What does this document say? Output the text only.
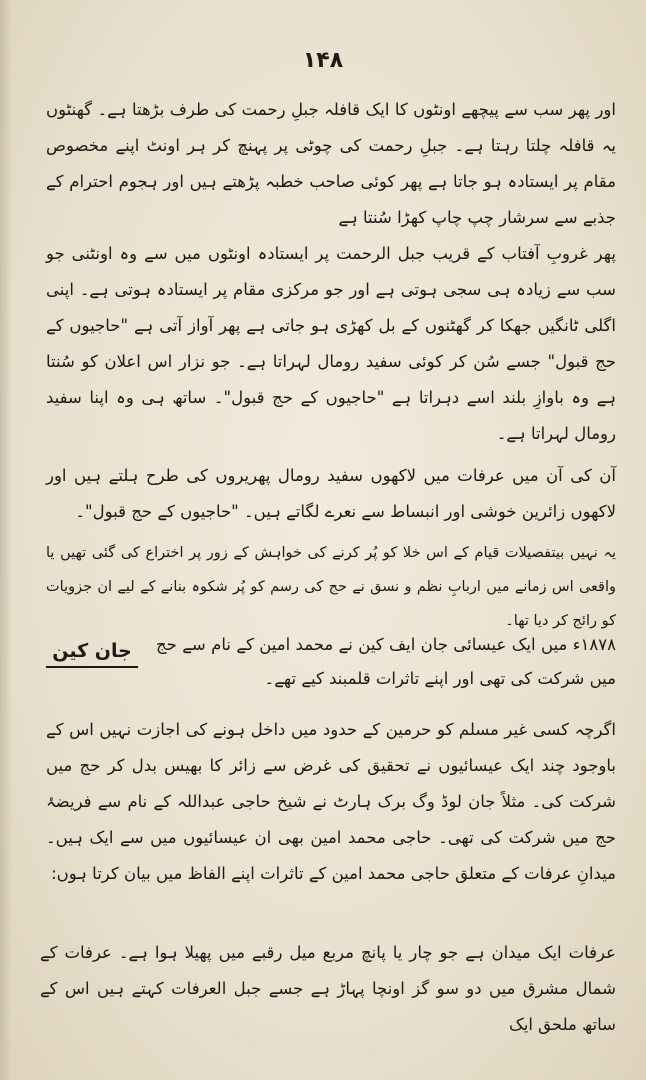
۱۴۸

اور پھر سب سے پیچھے اونٹوں کا ایک قافلہ جبلِ رحمت کی طرف بڑھتا ہے۔ گھنٹوں یہ قافلہ چلتا رہتا ہے۔ جبلِ رحمت کی چوٹی پر پہنچ کر ہر اونٹ اپنے مخصوص مقام پر ایستادہ ہو جاتا ہے پھر کوئی صاحب خطبہ پڑھتے ہیں اور ہجوم احترام کے جذبے سے سرشار چپ چاپ کھڑا سُنتا ہے

پھر غروبِ آفتاب کے قریب جبل الرحمت پر ایستادہ اونٹوں میں سے وہ اونٹنی جو سب سے زیادہ ہی سجی ہوتی ہے اور جو مرکزی مقام پر ایستادہ ہوتی ہے۔ اپنی اگلی ٹانگیں جھکا کر گھٹنوں کے بل کھڑی ہو جاتی ہے پھر آواز آتی ہے "حاجیوں کے حج قبول" جسے سُن کر کوئی سفید رومال لہراتا ہے۔ جو نزار اس اعلان کو سُنتا ہے وہ باوازِ بلند اسے دہراتا ہے "حاجیوں کے حج قبول"۔ ساتھ ہی وہ اپنا سفید رومال لہراتا ہے۔

آن کی آن میں عرفات میں لاکھوں سفید رومال پھریروں کی طرح ہلتے ہیں اور لاکھوں زائرین خوشی اور انبساط سے نعرے لگاتے ہیں۔ "حاجیوں کے حج قبول"۔

یہ نہیں بیتفصیلات قیام کے اس خلا کو پُر کرنے کی خواہش کے زور پر اختراع کی گئی تھیں یا واقعی اس زمانے میں اربابِ نظم و نسق نے حج کی رسم کو پُر شکوہ بنانے کے لیے ان جزویات کو رائج کر دیا تھا۔

۱۸۷۸ء میں ایک عیسائی جان ایف کین نے محمد امین کے نام سے حج میں شرکت کی تھی اور اپنے تاثرات قلمبند کیے تھے۔
جان کین
اگرچہ کسی غیر مسلم کو حرمین کے حدود میں داخل ہونے کی اجازت نہیں اس کے باوجود چند ایک عیسائیوں نے تحقیق کی غرض سے زائر کا بھیس بدل کر حج میں شرکت کی۔ مثلاً جان لوڈ وگ برک ہارٹ نے شیخ حاجی عبداللہ کے نام سے فریضۂ حج میں شرکت کی تھی۔ حاجی محمد امین بھی ان عیسائیوں میں سے ایک ہیں۔ میدانِ عرفات کے متعلق حاجی محمد امین کے تاثرات اپنے الفاظ میں بیان کرتا ہوں:
عرفات ایک میدان ہے جو چار یا پانچ مربع میل رقبے میں پھیلا ہوا ہے۔ عرفات کے شمال مشرق میں دو سو گز اونچا پہاڑ ہے جسے جبل العرفات کہتے ہیں اس کے ساتھ ملحق ایک
